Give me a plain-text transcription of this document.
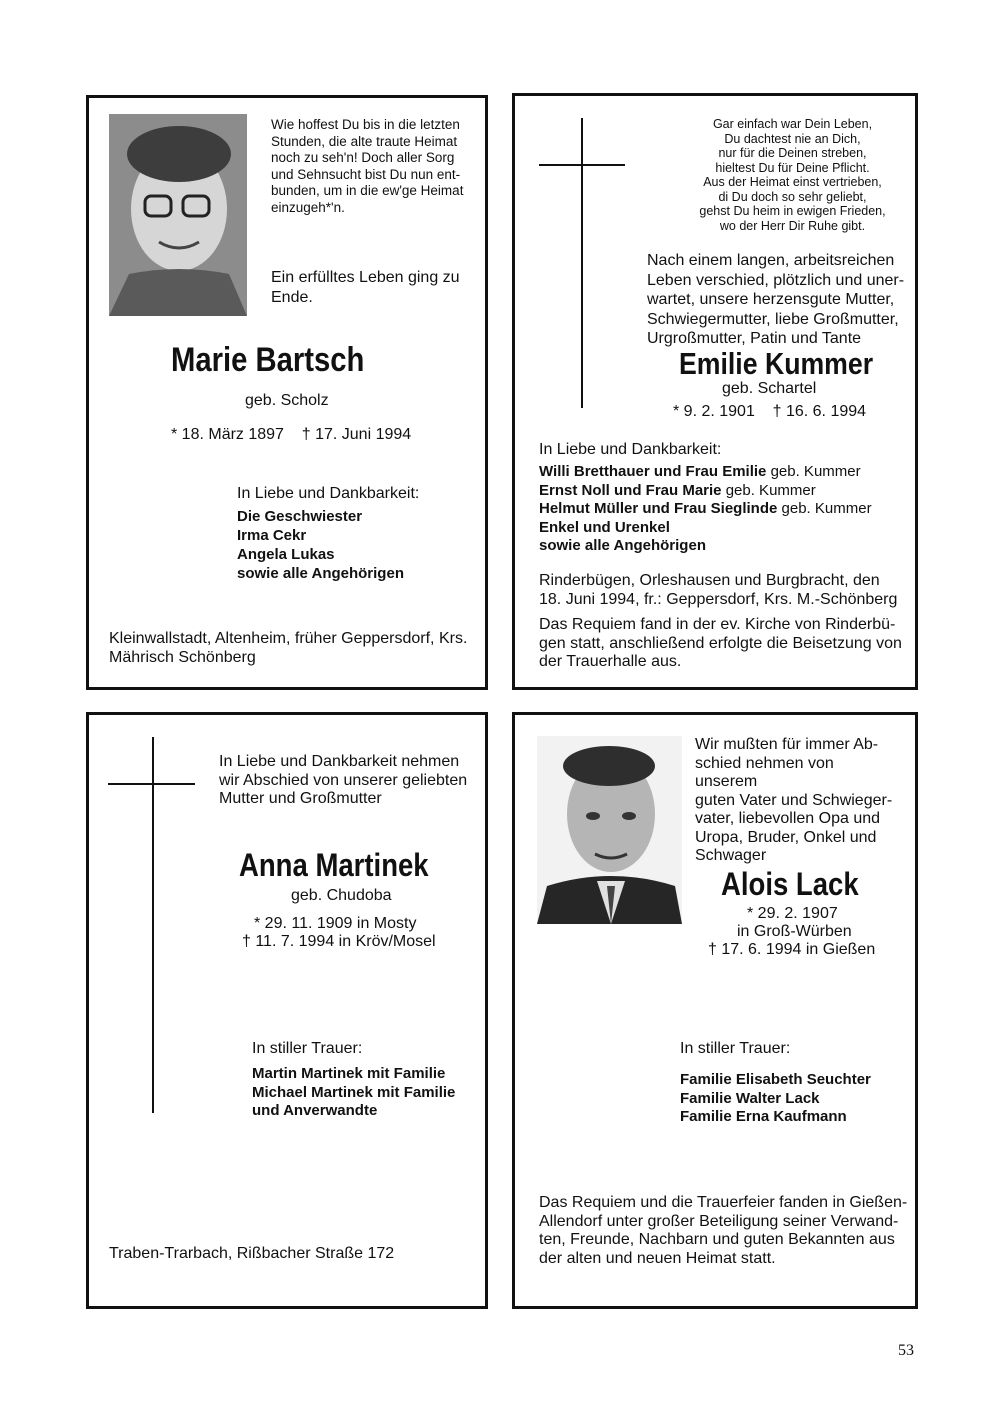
Wie hoffest Du bis in die letzten
Stunden, die alte traute Heimat
noch zu seh'n! Doch aller Sorg
und Sehnsucht bist Du nun ent-
bunden, um in die ew'ge Heimat
einzugeh*'n.
Ein erfülltes Leben ging zu
Ende.
Marie Bartsch
geb. Scholz
* 18. März 1897    † 17. Juni 1994
In Liebe und Dankbarkeit:
Die Geschwiester
Irma Cekr
Angela Lukas
sowie alle Angehörigen
Kleinwallstadt, Altenheim, früher Geppersdorf, Krs.
Mährisch Schönberg
Gar einfach war Dein Leben,
Du dachtest nie an Dich,
nur für die Deinen streben,
hieltest Du für Deine Pflicht.
Aus der Heimat einst vertrieben,
di Du doch so sehr geliebt,
gehst Du heim in ewigen Frieden,
wo der Herr Dir Ruhe gibt.
Nach einem langen, arbeitsreichen
Leben verschied, plötzlich und uner-
wartet, unsere herzensgute Mutter,
Schwiegermutter, liebe Großmutter,
Urgroßmutter, Patin und Tante
Emilie Kummer
geb. Schartel
* 9. 2. 1901    † 16. 6. 1994
In Liebe und Dankbarkeit:
Willi Bretthauer und Frau Emilie geb. Kummer
Ernst Noll und Frau Marie geb. Kummer
Helmut Müller und Frau Sieglinde geb. Kummer
Enkel und Urenkel
sowie alle Angehörigen
Rinderbügen, Orleshausen und Burgbracht, den
18. Juni 1994, fr.: Geppersdorf, Krs. M.-Schönberg
Das Requiem fand in der ev. Kirche von Rinderbü-
gen statt, anschließend erfolgte die Beisetzung von
der Trauerhalle aus.
In Liebe und Dankbarkeit nehmen
wir Abschied von unserer geliebten
Mutter und Großmutter
Anna Martinek
geb. Chudoba
* 29. 11. 1909 in Mosty
† 11. 7. 1994 in Kröv/Mosel
In stiller Trauer:
Martin Martinek mit Familie
Michael Martinek mit Familie
und Anverwandte
Traben-Trarbach, Rißbacher Straße 172
Wir mußten für immer Ab-
schied nehmen von unserem
guten Vater und Schwieger-
vater, liebevollen Opa und
Uropa, Bruder, Onkel und
Schwager
Alois Lack
* 29. 2. 1907
in Groß-Würben
† 17. 6. 1994 in Gießen
In stiller Trauer:
Familie Elisabeth Seuchter
Familie Walter Lack
Familie Erna Kaufmann
Das Requiem und die Trauerfeier fanden in Gießen-
Allendorf unter großer Beteiligung seiner Verwand-
ten, Freunde, Nachbarn und guten Bekannten aus
der alten und neuen Heimat statt.
53
